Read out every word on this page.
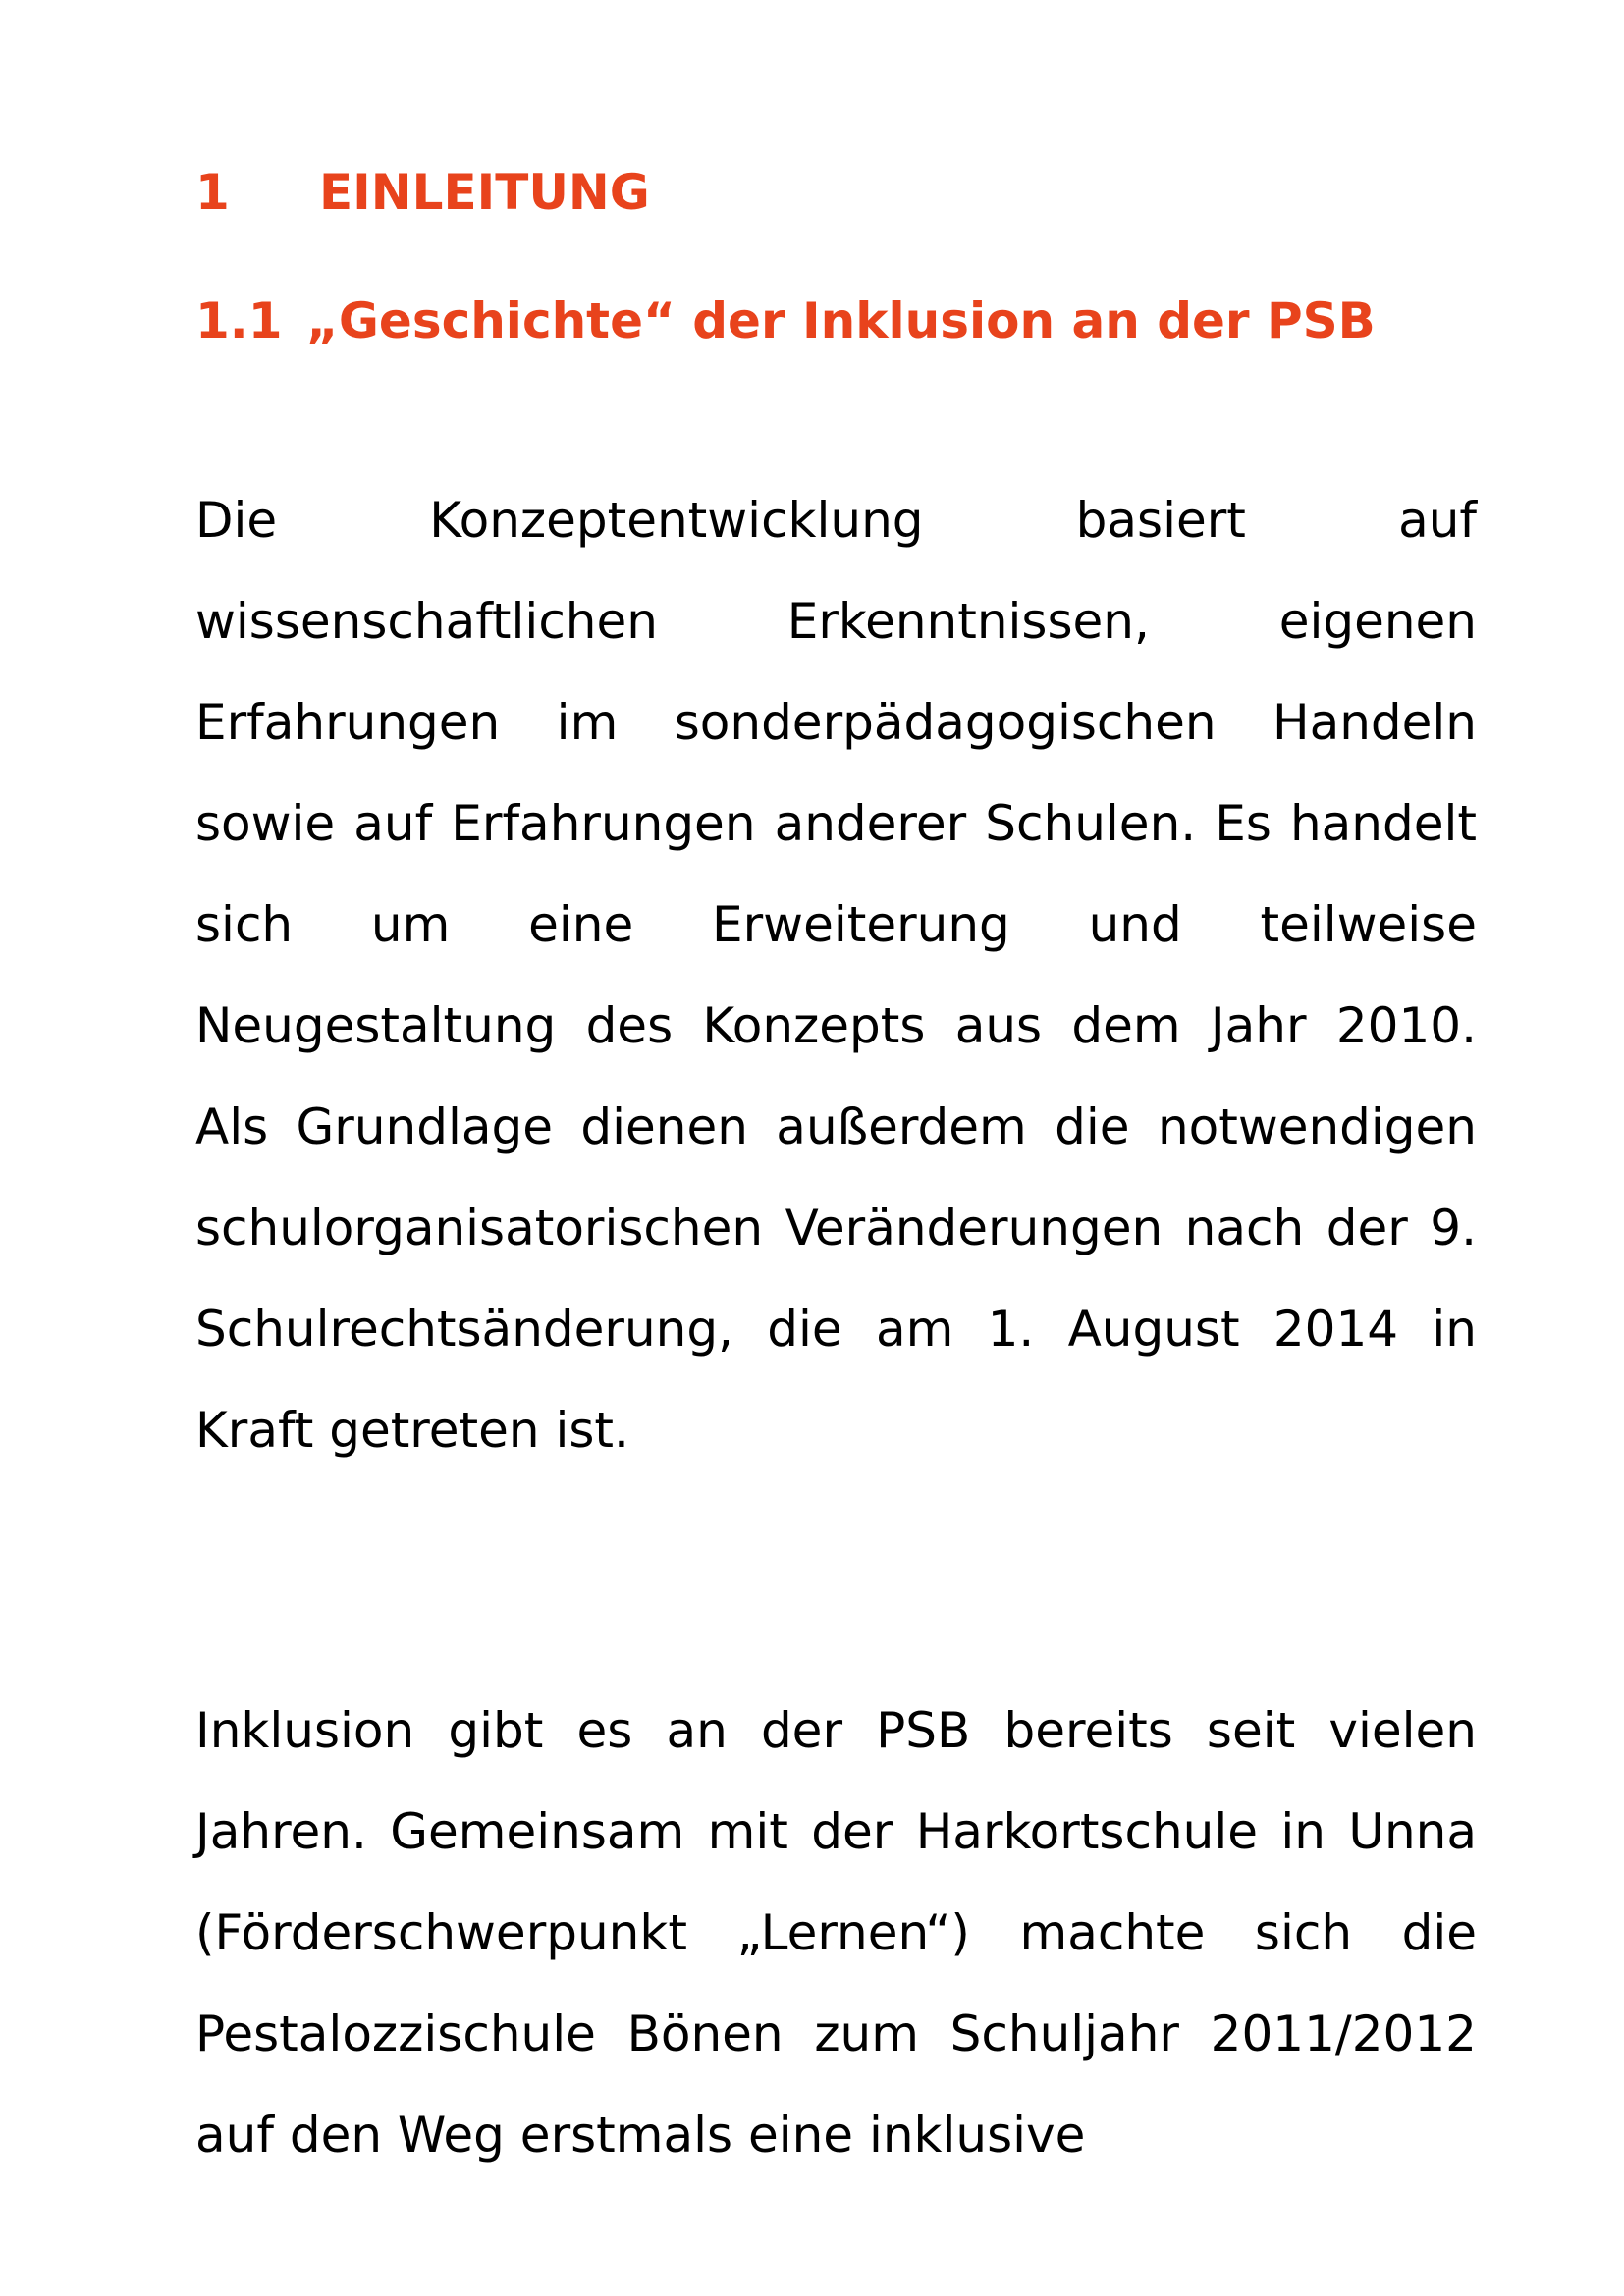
1 EINLEITUNG
1.1 „Geschichte“ der Inklusion an der PSB

Die Konzeptentwicklung basiert auf wissenschaftlichen Erkenntnissen, eigenen Erfahrungen im sonderpädagogischen Handeln sowie auf Erfahrungen anderer Schulen. Es handelt sich um eine Erweiterung und teilweise Neugestaltung des Konzepts aus dem Jahr 2010. Als Grundlage dienen außerdem die notwendigen schulorganisatorischen Veränderungen nach der 9. Schulrechtsänderung, die am 1. August 2014 in Kraft getreten ist.

Inklusion gibt es an der PSB bereits seit vielen Jahren. Gemeinsam mit der Harkortschule in Unna (Förderschwerpunkt „Lernen“) machte sich die Pestalozzischule Bönen zum Schuljahr 2011/2012 auf den Weg erstmals eine inklusive
